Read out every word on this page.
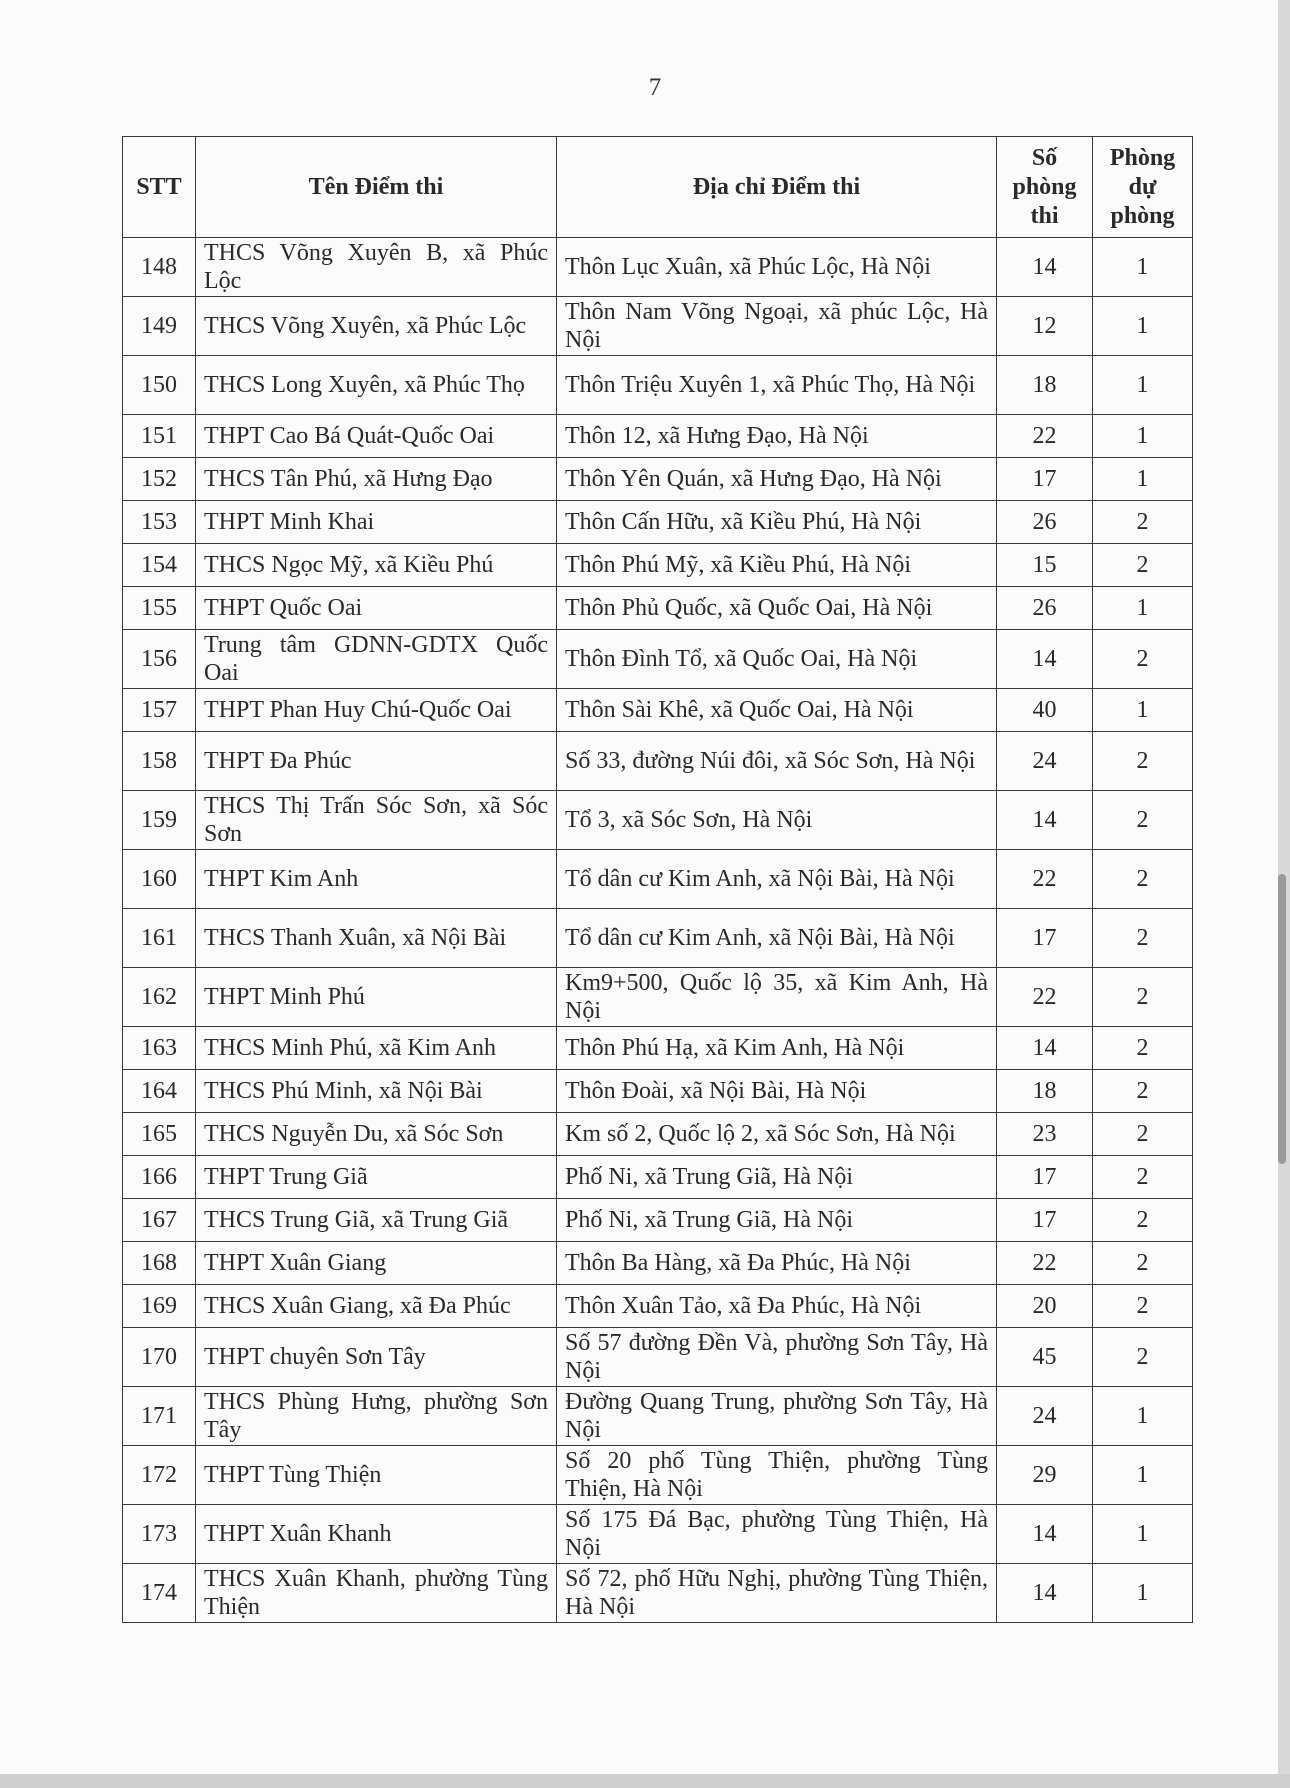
7
STT	Tên Điểm thi	Địa chỉ Điểm thi	Số phòng thi	Phòng dự phòng
148	THCS Võng Xuyên B, xã Phúc Lộc	Thôn Lục Xuân, xã Phúc Lộc, Hà Nội	14	1
149	THCS Võng Xuyên, xã Phúc Lộc	Thôn Nam Võng Ngoại, xã phúc Lộc, Hà Nội	12	1
150	THCS Long Xuyên, xã Phúc Thọ	Thôn Triệu Xuyên 1, xã Phúc Thọ, Hà Nội	18	1
151	THPT Cao Bá Quát-Quốc Oai	Thôn 12, xã Hưng Đạo, Hà Nội	22	1
152	THCS Tân Phú, xã Hưng Đạo	Thôn Yên Quán, xã Hưng Đạo, Hà Nội	17	1
153	THPT Minh Khai	Thôn Cấn Hữu, xã Kiều Phú, Hà Nội	26	2
154	THCS Ngọc Mỹ, xã Kiều Phú	Thôn Phú Mỹ, xã Kiều Phú, Hà Nội	15	2
155	THPT Quốc Oai	Thôn Phủ Quốc, xã Quốc Oai, Hà Nội	26	1
156	Trung tâm GDNN-GDTX Quốc Oai	Thôn Đình Tổ, xã Quốc Oai, Hà Nội	14	2
157	THPT Phan Huy Chú-Quốc Oai	Thôn Sài Khê, xã Quốc Oai, Hà Nội	40	1
158	THPT Đa Phúc	Số 33, đường Núi đôi, xã Sóc Sơn, Hà Nội	24	2
159	THCS Thị Trấn Sóc Sơn, xã Sóc Sơn	Tổ 3, xã Sóc Sơn, Hà Nội	14	2
160	THPT Kim Anh	Tổ dân cư Kim Anh, xã Nội Bài, Hà Nội	22	2
161	THCS Thanh Xuân, xã Nội Bài	Tổ dân cư Kim Anh, xã Nội Bài, Hà Nội	17	2
162	THPT Minh Phú	Km9+500, Quốc lộ 35, xã Kim Anh, Hà Nội	22	2
163	THCS Minh Phú, xã Kim Anh	Thôn Phú Hạ, xã Kim Anh, Hà Nội	14	2
164	THCS Phú Minh, xã Nội Bài	Thôn Đoài, xã Nội Bài, Hà Nội	18	2
165	THCS Nguyễn Du, xã Sóc Sơn	Km số 2, Quốc lộ 2, xã Sóc Sơn, Hà Nội	23	2
166	THPT Trung Giã	Phố Ni, xã Trung Giã, Hà Nội	17	2
167	THCS Trung Giã, xã Trung Giã	Phố Ni, xã Trung Giã, Hà Nội	17	2
168	THPT Xuân Giang	Thôn Ba Hàng, xã Đa Phúc, Hà Nội	22	2
169	THCS Xuân Giang, xã Đa Phúc	Thôn Xuân Tảo, xã Đa Phúc, Hà Nội	20	2
170	THPT chuyên Sơn Tây	Số 57 đường Đền Và, phường Sơn Tây, Hà Nội	45	2
171	THCS Phùng Hưng, phường Sơn Tây	Đường Quang Trung, phường Sơn Tây, Hà Nội	24	1
172	THPT Tùng Thiện	Số 20 phố Tùng Thiện, phường Tùng Thiện, Hà Nội	29	1
173	THPT Xuân Khanh	Số 175 Đá Bạc, phường Tùng Thiện, Hà Nội	14	1
174	THCS Xuân Khanh, phường Tùng Thiện	Số 72, phố Hữu Nghị, phường Tùng Thiện, Hà Nội	14	1
